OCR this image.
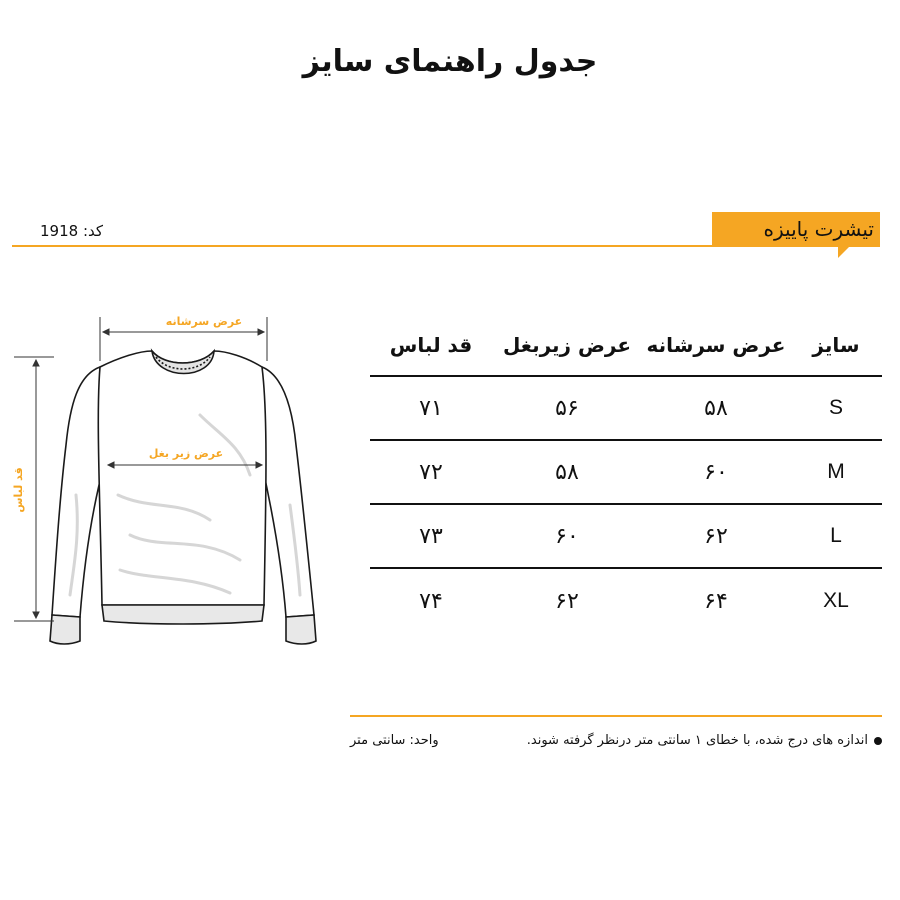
جدول راهنمای سایز
تیشرت پاییزه
کد: 1918
عرض سرشانه
عرض زیر بغل
قد لباس
سایز
عرض سرشانه
عرض زیربغل
قد لباس
S
۵۸
۵۶
۷۱
M
۶۰
۵۸
۷۲
L
۶۲
۶۰
۷۳
XL
۶۴
۶۲
۷۴
اندازه های درج شده، با خطای ۱ سانتی متر درنظر گرفته شوند.
واحد: سانتی متر
